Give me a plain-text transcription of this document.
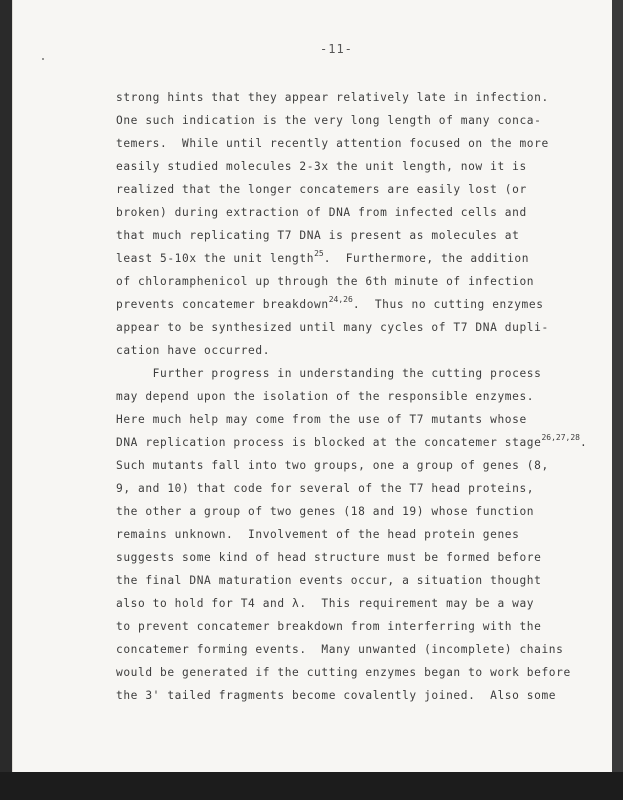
-11-
strong hints that they appear relatively late in infection.
One such indication is the very long length of many conca-
temers.  While until recently attention focused on the more
easily studied molecules 2-3x the unit length, now it is
realized that the longer concatemers are easily lost (or
broken) during extraction of DNA from infected cells and
that much replicating T7 DNA is present as molecules at
least 5-10x the unit length$^{25}$.  Furthermore, the addition
of chloramphenicol up through the 6th minute of infection
prevents concatemer breakdown$^{24,26}$.  Thus no cutting enzymes
appear to be synthesized until many cycles of T7 DNA dupli-
cation have occurred.
Further progress in understanding the cutting process
may depend upon the isolation of the responsible enzymes.
Here much help may come from the use of T7 mutants whose
DNA replication process is blocked at the concatemer stage$^{26,27,28}$.
Such mutants fall into two groups, one a group of genes (8,
9, and 10) that code for several of the T7 head proteins,
the other a group of two genes (18 and 19) whose function
remains unknown.  Involvement of the head protein genes
suggests some kind of head structure must be formed before
the final DNA maturation events occur, a situation thought
also to hold for T4 and λ.  This requirement may be a way
to prevent concatemer breakdown from interferring with the
concatemer forming events.  Many unwanted (incomplete) chains
would be generated if the cutting enzymes began to work before
the 3' tailed fragments become covalently joined.  Also some
